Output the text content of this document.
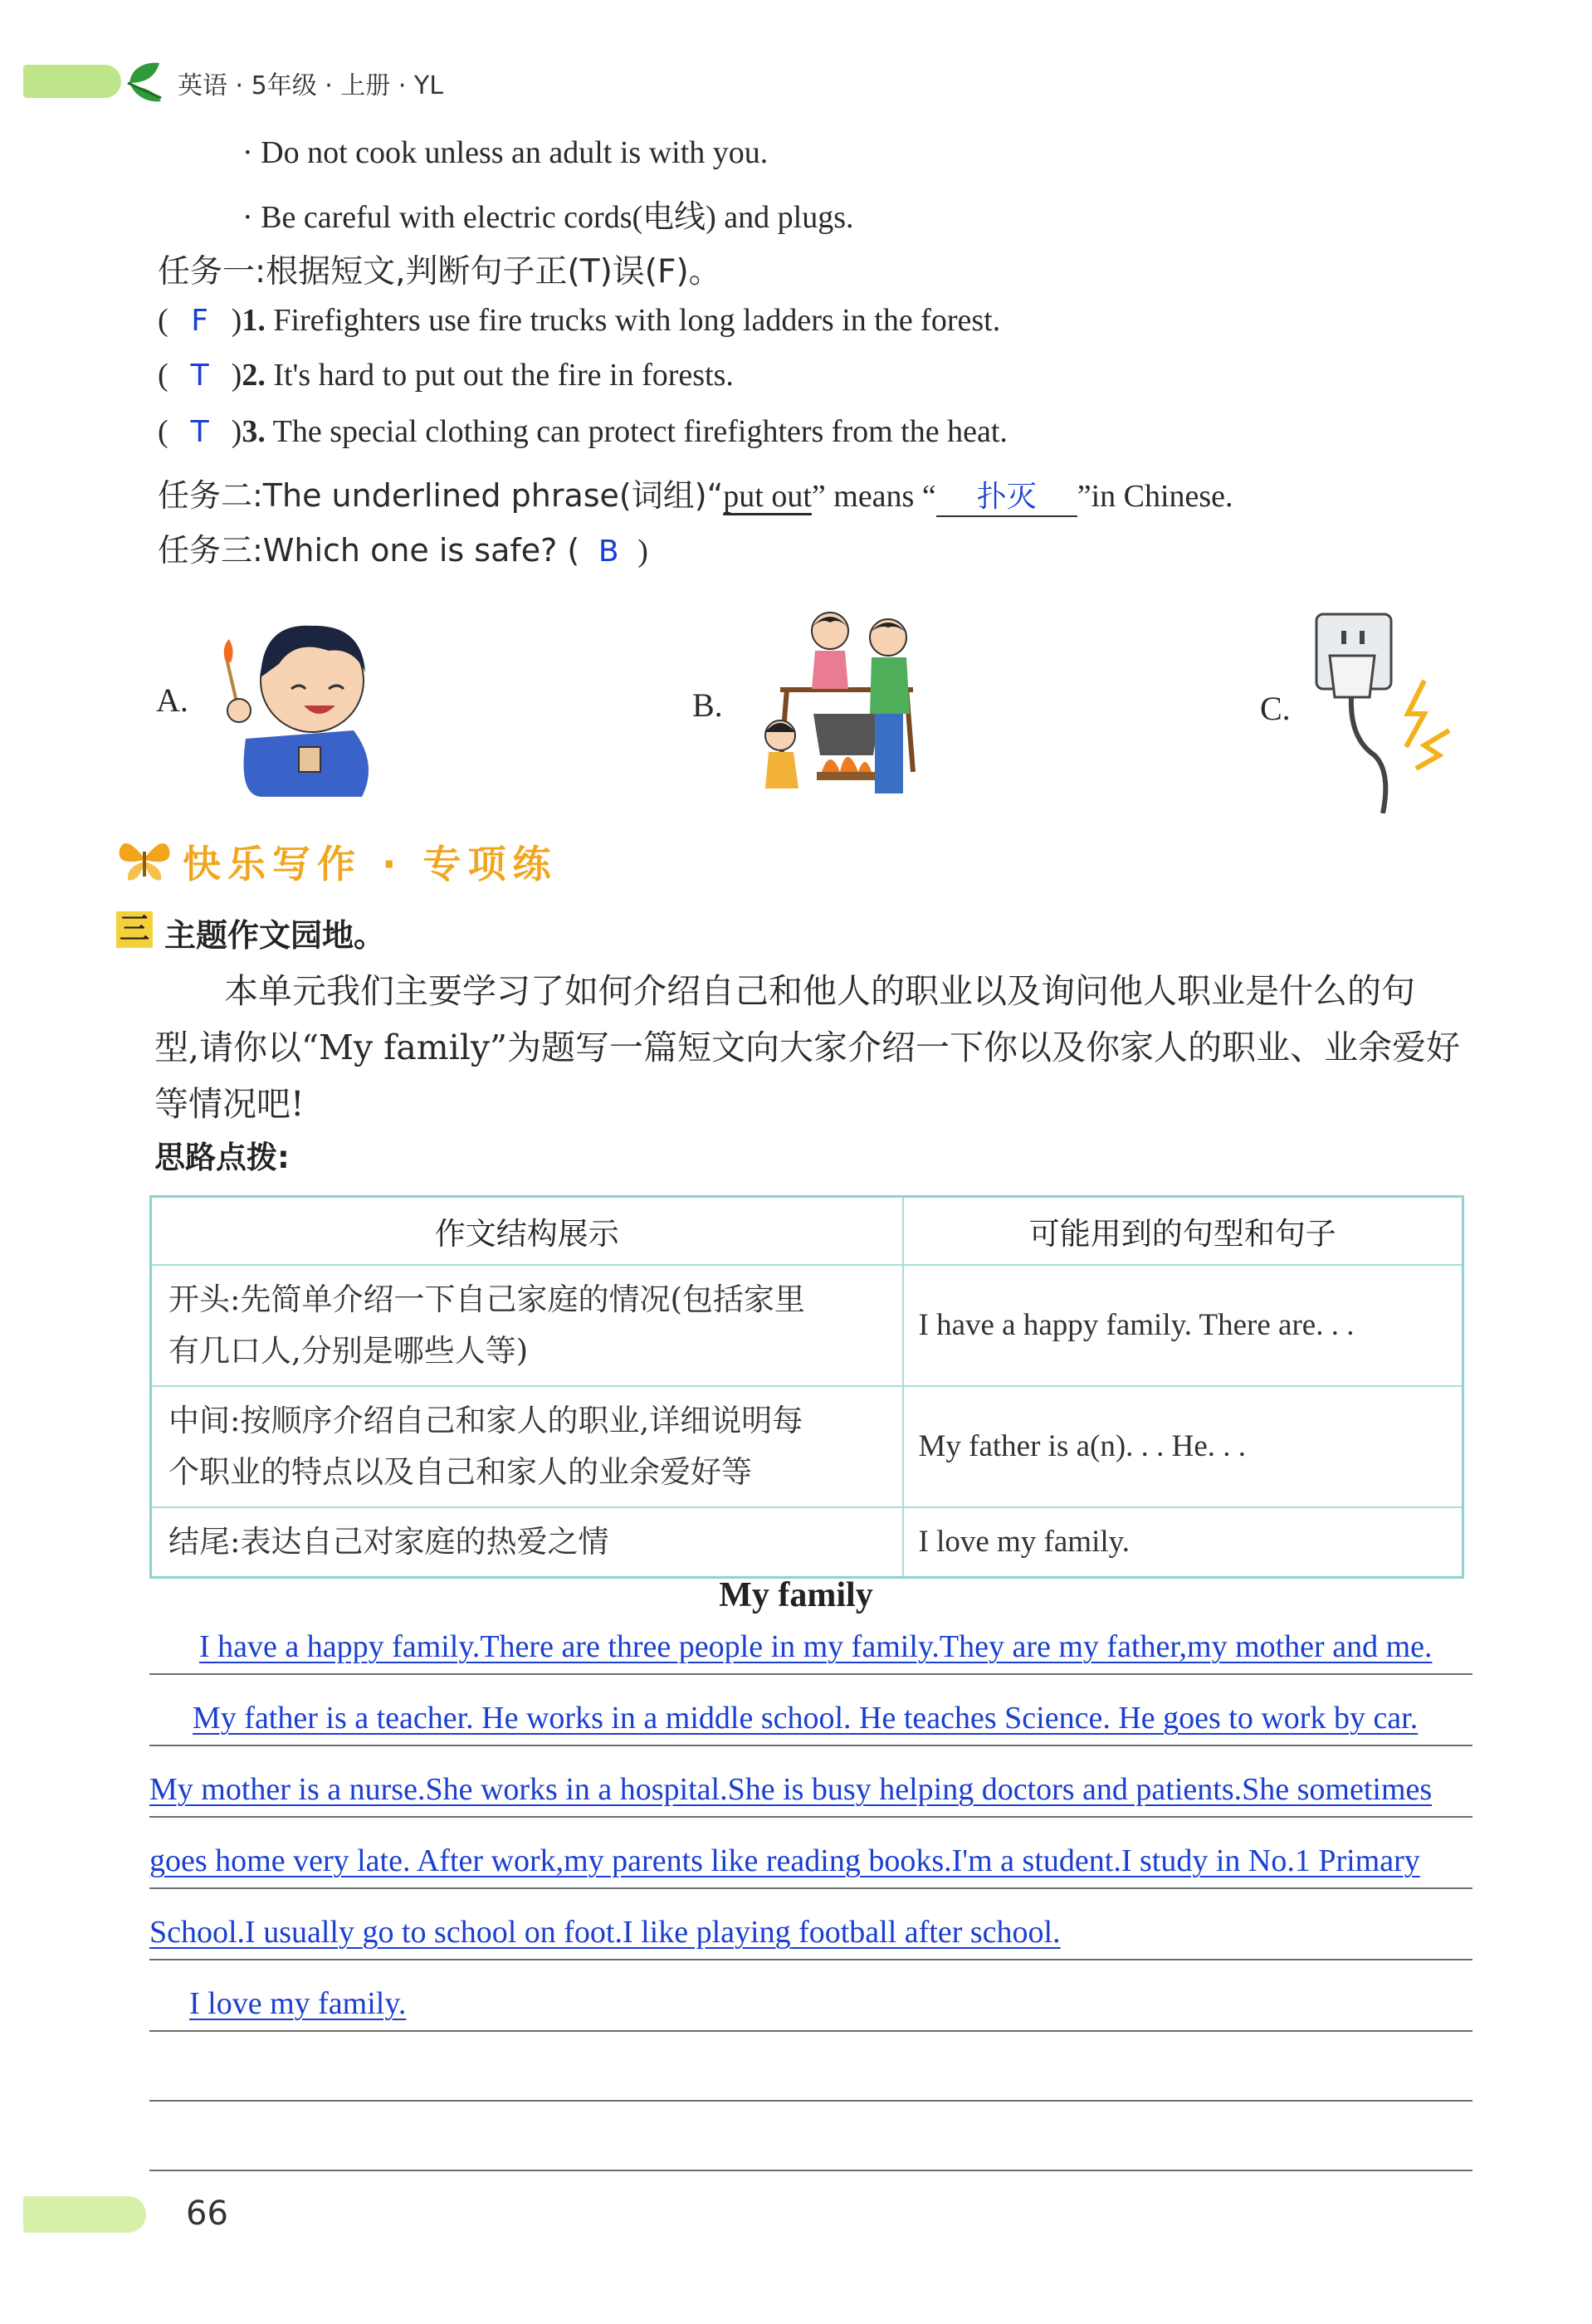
英语 · 5年级 · 上册 · YL
· Do not cook unless an adult is with you.
· Be careful with electric cords(电线) and plugs.
任务一:根据短文,判断句子正(T)误(F)。
( F )1. Firefighters use fire trucks with long ladders in the forest.
( T )2. It's hard to put out the fire in forests.
( T )3. The special clothing can protect firefighters from the heat.
任务二:The underlined phrase(词组)“put out” means “ 扑灭 ”in Chinese.
任务三:Which one is safe? ( B )
A.	B.	C.
快乐写作 · 专项练
三 主题作文园地。
本单元我们主要学习了如何介绍自己和他人的职业以及询问他人职业是什么的句
型,请你以“My family”为题写一篇短文向大家介绍一下你以及你家人的职业、业余爱好
等情况吧!
思路点拨:
作文结构展示	可能用到的句型和句子

开头:先简单介绍一下自己家庭的情况(包括家里
有几口人,分别是哪些人等)	I have a happy family. There are. . .

中间:按顺序介绍自己和家人的职业,详细说明每
个职业的特点以及自己和家人的业余爱好等	My father is a(n). . . He. . .

结尾:表达自己对家庭的热爱之情	I love my family.
My family
I have a happy family.There are three people in my family.They are my father,my mother and me.
My father is a teacher. He works in a middle school. He teaches Science. He goes to work by car.
My mother is a nurse.She works in a hospital.She is busy helping doctors and patients.She sometimes
goes home very late. After work,my parents like reading books.I'm a student.I study in No.1 Primary
School.I usually go to school on foot.I like playing football after school.
I love my family.
66
